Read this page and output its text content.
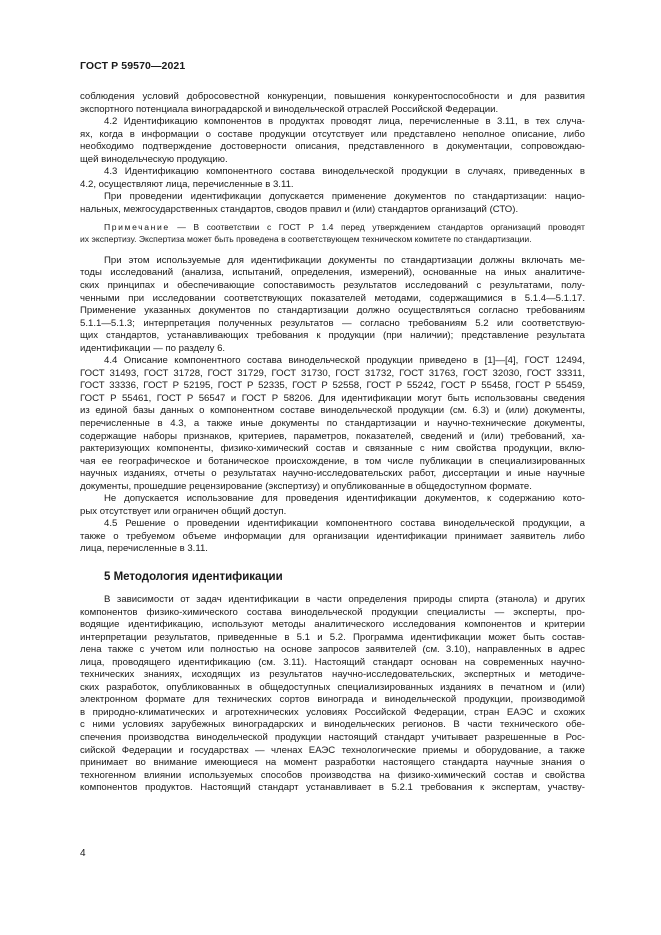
ГОСТ Р 59570—2021
соблюдения условий добросовестной конкуренции, повышения конкурентоспособности и для развития
экспортного потенциала виноградарской и винодельческой отраслей Российской Федерации.
4.2 Идентификацию компонентов в продуктах проводят лица, перечисленные в 3.11, в тех случа-
ях, когда в информации о составе продукции отсутствует или представлено неполное описание, либо
необходимо подтверждение достоверности описания, представленного в документации, сопровождаю-
щей винодельческую продукцию.
4.3 Идентификацию компонентного состава винодельческой продукции в случаях, приведенных в
4.2, осуществляют лица, перечисленные в 3.11.
При проведении идентификации допускается применение документов по стандартизации: нацио-
нальных, межгосударственных стандартов, сводов правил и (или) стандартов организаций (СТО).
Примечание — В соответствии с ГОСТ Р 1.4 перед утверждением стандартов организаций проводят
их экспертизу. Экспертиза может быть проведена в соответствующем техническом комитете по стандартизации.
При этом используемые для идентификации документы по стандартизации должны включать ме-
тоды исследований (анализа, испытаний, определения, измерений), основанные на иных аналитиче-
ских принципах и обеспечивающие сопоставимость результатов исследований с результатами, полу-
ченными при исследовании соответствующих показателей методами, содержащимися в 5.1.4—5.1.17.
Применение указанных документов по стандартизации должно осуществляться согласно требованиям
5.1.1—5.1.3; интерпретация полученных результатов — согласно требованиям 5.2 или соответствую-
щих стандартов, устанавливающих требования к продукции (при наличии); представление результата
идентификации — по разделу 6.
4.4 Описание компонентного состава винодельческой продукции приведено в [1]—[4], ГОСТ 12494,
ГОСТ 31493, ГОСТ 31728, ГОСТ 31729, ГОСТ 31730, ГОСТ 31732, ГОСТ 31763, ГОСТ 32030, ГОСТ 33311,
ГОСТ 33336, ГОСТ Р 52195, ГОСТ Р 52335, ГОСТ Р 52558, ГОСТ Р 55242, ГОСТ Р 55458, ГОСТ Р 55459,
ГОСТ Р 55461, ГОСТ Р 56547 и ГОСТ Р 58206. Для идентификации могут быть использованы сведения
из единой базы данных о компонентном составе винодельческой продукции (см. 6.3) и (или) документы,
перечисленные в 4.3, а также иные документы по стандартизации и научно-технические документы,
содержащие наборы признаков, критериев, параметров, показателей, сведений и (или) требований, ха-
рактеризующих компоненты, физико-химический состав и связанные с ним свойства продукции, вклю-
чая ее географическое и ботаническое происхождение, в том числе публикации в специализированных
научных изданиях, отчеты о результатах научно-исследовательских работ, диссертации и иные научные
документы, прошедшие рецензирование (экспертизу) и опубликованные в общедоступном формате.
Не допускается использование для проведения идентификации документов, к содержанию кото-
рых отсутствует или ограничен общий доступ.
4.5 Решение о проведении идентификации компонентного состава винодельческой продукции, а
также о требуемом объеме информации для организации идентификации принимает заявитель либо
лица, перечисленные в 3.11.
5 Методология идентификации
В зависимости от задач идентификации в части определения природы спирта (этанола) и других
компонентов физико-химического состава винодельческой продукции специалисты — эксперты, про-
водящие идентификацию, используют методы аналитического исследования компонентов и критерии
интерпретации результатов, приведенные в 5.1 и 5.2. Программа идентификации может быть состав-
лена также с учетом или полностью на основе запросов заявителей (см. 3.10), направленных в адрес
лица, проводящего идентификацию (см. 3.11). Настоящий стандарт основан на современных научно-
технических знаниях, исходящих из результатов научно-исследовательских, экспертных и методиче-
ских разработок, опубликованных в общедоступных специализированных изданиях в печатном и (или)
электронном формате для технических сортов винограда и винодельческой продукции, производимой
в природно-климатических и агротехнических условиях Российской Федерации, стран ЕАЭС и схожих
с ними условиях зарубежных виноградарских и винодельческих регионов. В части технического обе-
спечения производства винодельческой продукции настоящий стандарт учитывает разрешенные в Рос-
сийской Федерации и государствах — членах ЕАЭС технологические приемы и оборудование, а также
принимает во внимание имеющиеся на момент разработки настоящего стандарта научные знания о
техногенном влиянии используемых способов производства на физико-химический состав и свойства
компонентов продуктов. Настоящий стандарт устанавливает в 5.2.1 требования к экспертам, участву-
4
